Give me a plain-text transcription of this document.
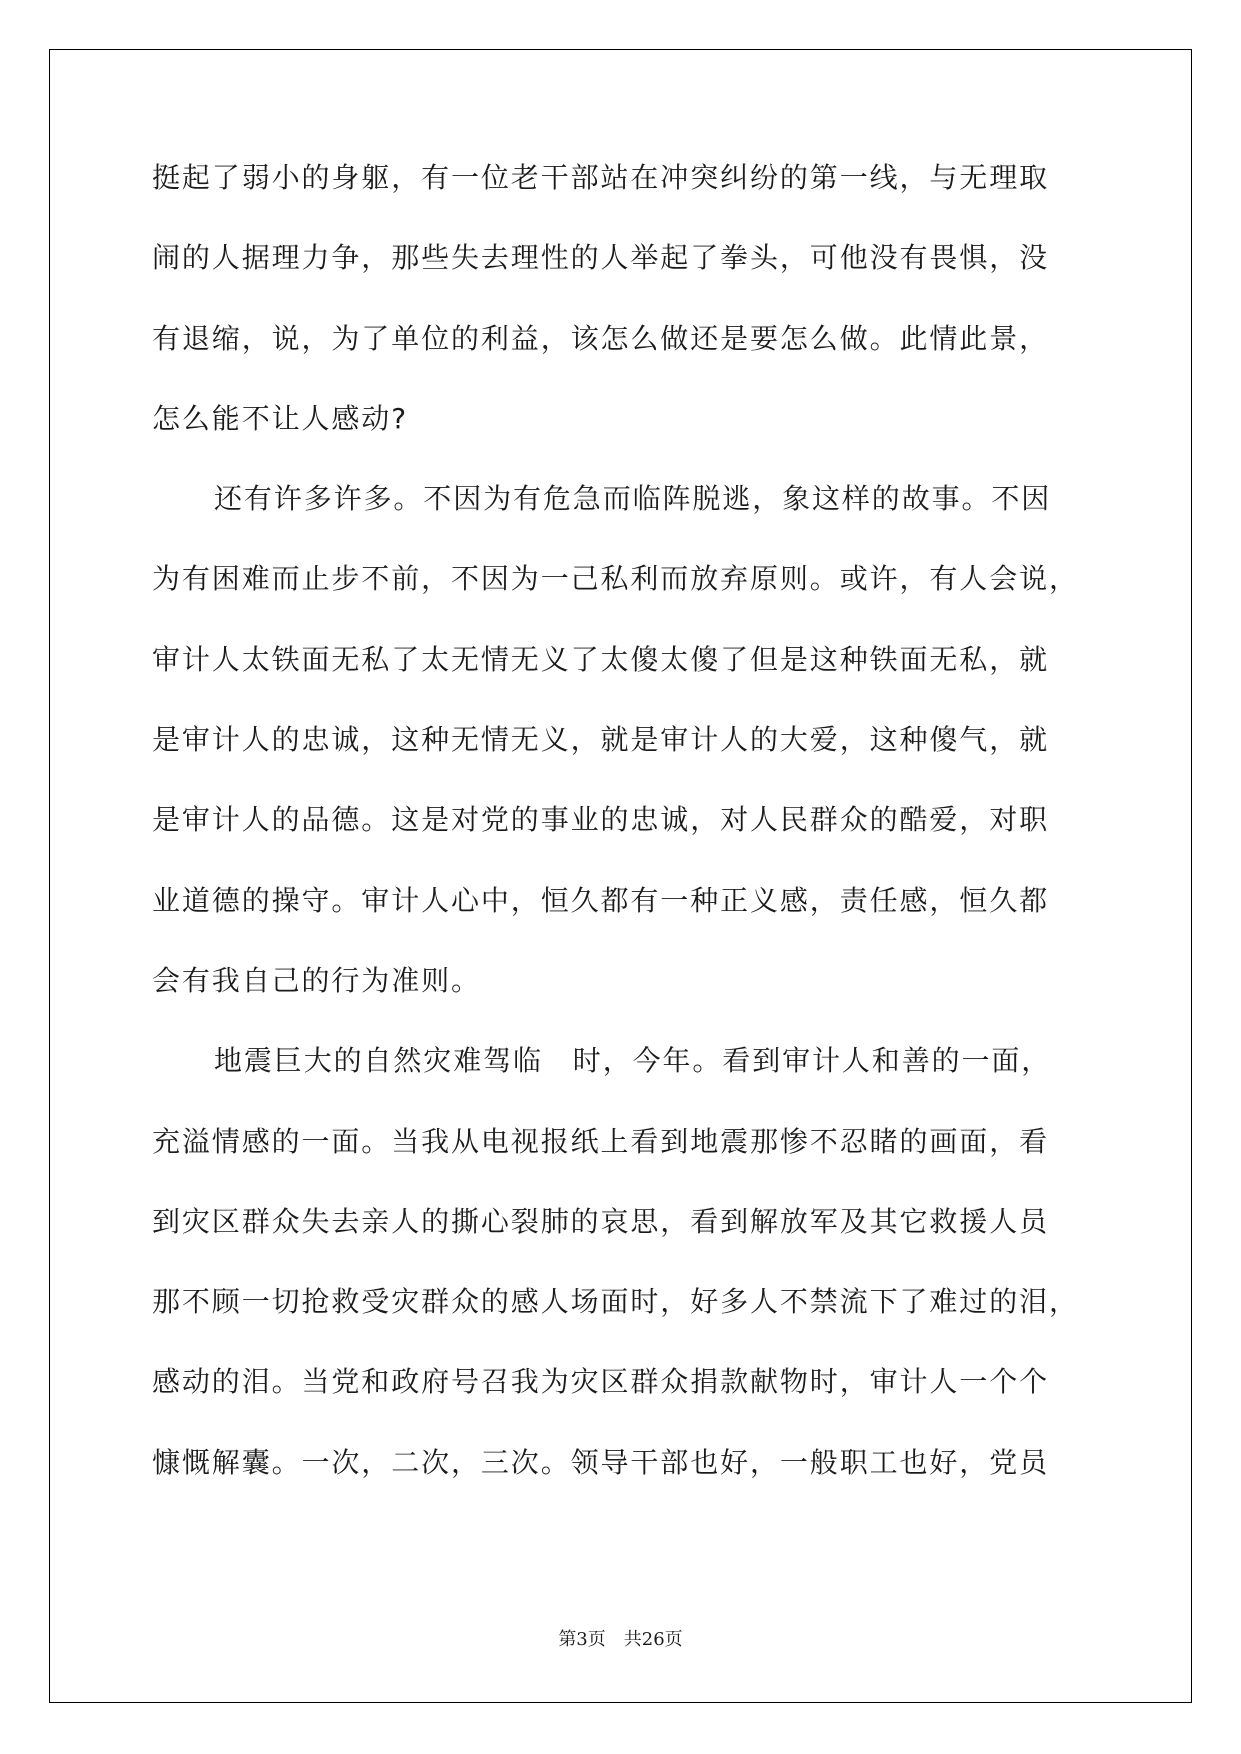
挺起了弱小的身躯，有一位老干部站在冲突纠纷的第一线，与无理取
闹的人据理力争，那些失去理性的人举起了拳头，可他没有畏惧，没
有退缩，说，为了单位的利益，该怎么做还是要怎么做。此情此景，
怎么能不让人感动?
还有许多许多。不因为有危急而临阵脱逃，象这样的故事。不因
为有困难而止步不前，不因为一己私利而放弃原则。或许，有人会说，
审计人太铁面无私了太无情无义了太傻太傻了但是这种铁面无私，就
是审计人的忠诚，这种无情无义，就是审计人的大爱，这种傻气，就
是审计人的品德。这是对党的事业的忠诚，对人民群众的酷爱，对职
业道德的操守。审计人心中，恒久都有一种正义感，责任感，恒久都
会有我自己的行为准则。
地震巨大的自然灾难驾临　时，今年。看到审计人和善的一面，
充溢情感的一面。当我从电视报纸上看到地震那惨不忍睹的画面，看
到灾区群众失去亲人的撕心裂肺的哀思，看到解放军及其它救援人员
那不顾一切抢救受灾群众的感人场面时，好多人不禁流下了难过的泪，
感动的泪。当党和政府号召我为灾区群众捐款献物时，审计人一个个
慷慨解囊。一次，二次，三次。领导干部也好，一般职工也好，党员
第3页　共26页
